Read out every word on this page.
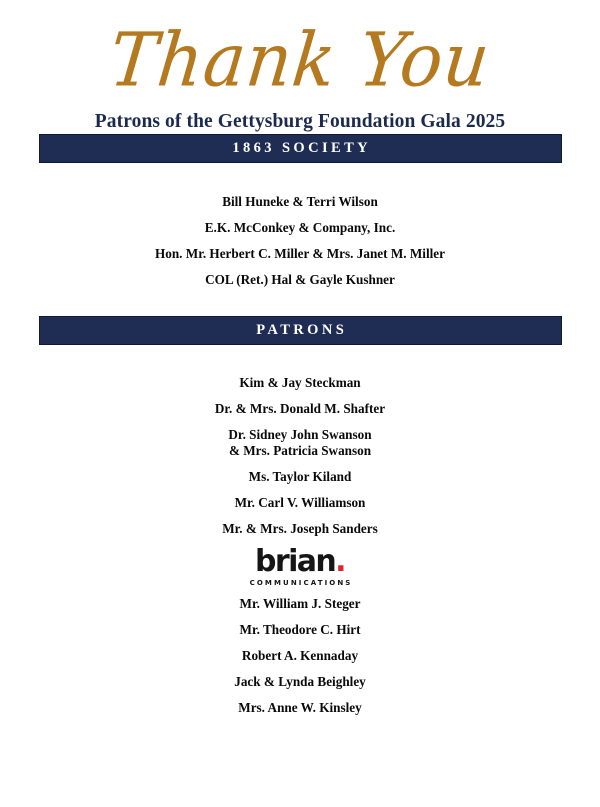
Thank You
Patrons of the Gettysburg Foundation Gala 2025
1863 SOCIETY
Bill Huneke & Terri Wilson
E.K. McConkey & Company, Inc.
Hon. Mr. Herbert C. Miller & Mrs. Janet M. Miller
COL (Ret.) Hal & Gayle Kushner
PATRONS
Kim & Jay Steckman
Dr. & Mrs. Donald M. Shafter
Dr. Sidney John Swanson
& Mrs. Patricia Swanson
Ms. Taylor Kiland
Mr. Carl V. Williamson
Mr. & Mrs. Joseph Sanders
brian.
COMMUNICATIONS
Mr. William J. Steger
Mr. Theodore C. Hirt
Robert A. Kennaday
Jack & Lynda Beighley
Mrs. Anne W. Kinsley
